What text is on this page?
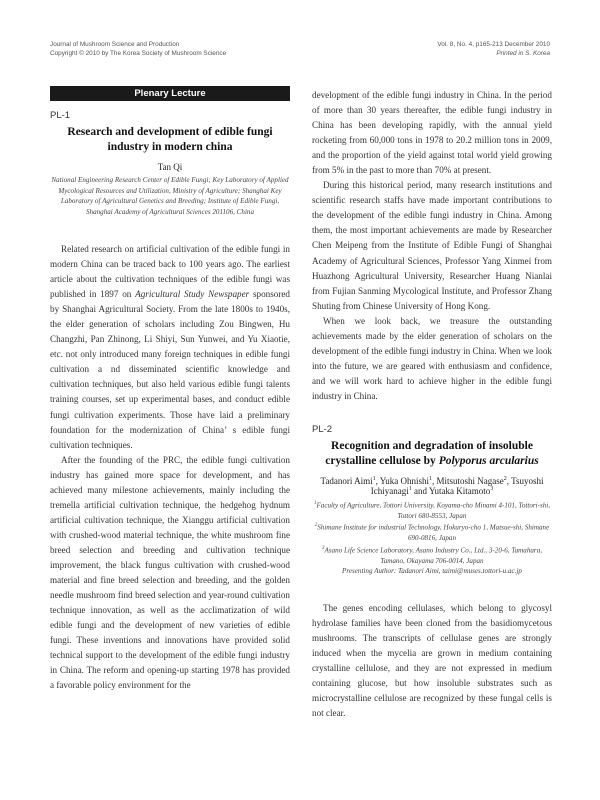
Journal of Mushroom Science and Production
Copyright © 2010 by The Korea Society of Mushroom Science
Vol. 8, No. 4, p165-213 December 2010
Printed in S. Korea
Plenary Lecture
PL-1
Research and development of edible fungi industry in modern china
Tan Qi
National Engineering Research Center of Edible Fungi; Key Laboratory of Applied Mycological Resources and Utilization, Ministry of Agriculture; Shanghai Key Laboratory of Agricultural Genetics and Breeding; Institute of Edible Fungi, Shanghai Academy of Agricultural Sciences 201106, China

Related research on artificial cultivation of the edible fungi in modern China can be traced back to 100 years ago. The earliest article about the cultivation techniques of the edible fungi was published in 1897 on Agricultural Study Newspaper sponsored by Shanghai Agricultural Society. From the late 1800s to 1940s, the elder generation of scholars including Zou Bingwen, Hu Changzhi, Pan Zhinong, Li Shiyi, Sun Yunwei, and Yu Xiaotie, etc. not only introduced many foreign techniques in edible fungi cultivation a nd disseminated scientific knowledge and cultivation techniques, but also held various edible fungi talents training courses, set up experimental bases, and conduct edible fungi cultivation experiments. Those have laid a preliminary foundation for the modernization of China’ s edible fungi cultivation techniques.

After the founding of the PRC, the edible fungi cultivation industry has gained more space for development, and has achieved many milestone achievements, mainly including the tremella artificial cultivation technique, the hedgehog hydnum artificial cultivation technique, the Xianggu artificial cultivation with crushed-wood material technique, the white mushroom fine breed selection and breeding and cultivation technique improvement, the black fungus cultivation with crushed-wood material and fine breed selection and breeding, and the golden needle mushroom find breed selection and year-round cultivation technique innovation, as well as the acclimatization of wild edible fungi and the development of new varieties of edible fungi. These inventions and innovations have provided solid technical support to the development of the edible fungi industry in China. The reform and opening-up starting 1978 has provided a favorable policy environment for the

development of the edible fungi industry in China. In the period of more than 30 years thereafter, the edible fungi industry in China has been developing rapidly, with the annual yield rocketing from 60,000 tons in 1978 to 20.2 million tons in 2009, and the proportion of the yield against total world yield growing from 5% in the past to more than 70% at present.

During this historical period, many research institutions and scientific research staffs have made important contributions to the development of the edible fungi industry in China. Among them, the most important achievements are made by Researcher Chen Meipeng from the Institute of Edible Fungi of Shanghai Academy of Agricultural Sciences, Professor Yang Xinmei from Huazhong Agricultural University, Researcher Huang Nianlai from Fujian Sanming Mycological Institute, and Professor Zhang Shuting from Chinese University of Hong Kong.

When we look back, we treasure the outstanding achievements made by the elder generation of scholars on the development of the edible fungi industry in China. When we look into the future, we are geared with enthusiasm and confidence, and we will work hard to achieve higher in the edible fungi industry in China.

PL-2
Recognition and degradation of insoluble crystalline cellulose by Polyporus arcularius
Tadanori Aimi$^1$, Yuka Ohnishi$^1$, Mitsutoshi Nagase$^2$, Tsuyoshi Ichiyanagi$^1$ and Yutaka Kitamoto$^3$
$^1$Faculty of Agriculture, Tottori University, Koyama-cho Minami 4-101, Tottori-shi, Tottori 680-8553, Japan
$^2$Shimane Institute for industrial Technology, Hokuryo-cho 1, Matsue-shi, Shimane 690-0816, Japan
$^3$Asano Life Science Laboratory, Asano Industry Co., Ltd., 3-20-6, Tamahara, Tamano, Okayama 706-0014, Japan
Presenting Author: Tadanori Aimi, taimi@muses.tottori-u.ac.jp

The genes encoding cellulases, which belong to glycosyl hydrolase families have been cloned from the basidiomycetous mushrooms. The transcripts of cellulase genes are strongly induced when the mycelia are grown in medium containing crystalline cellulose, and they are not expressed in medium containing glucose, but how insoluble substrates such as microcrystalline cellulose are recognized by these fungal cells is not clear.
